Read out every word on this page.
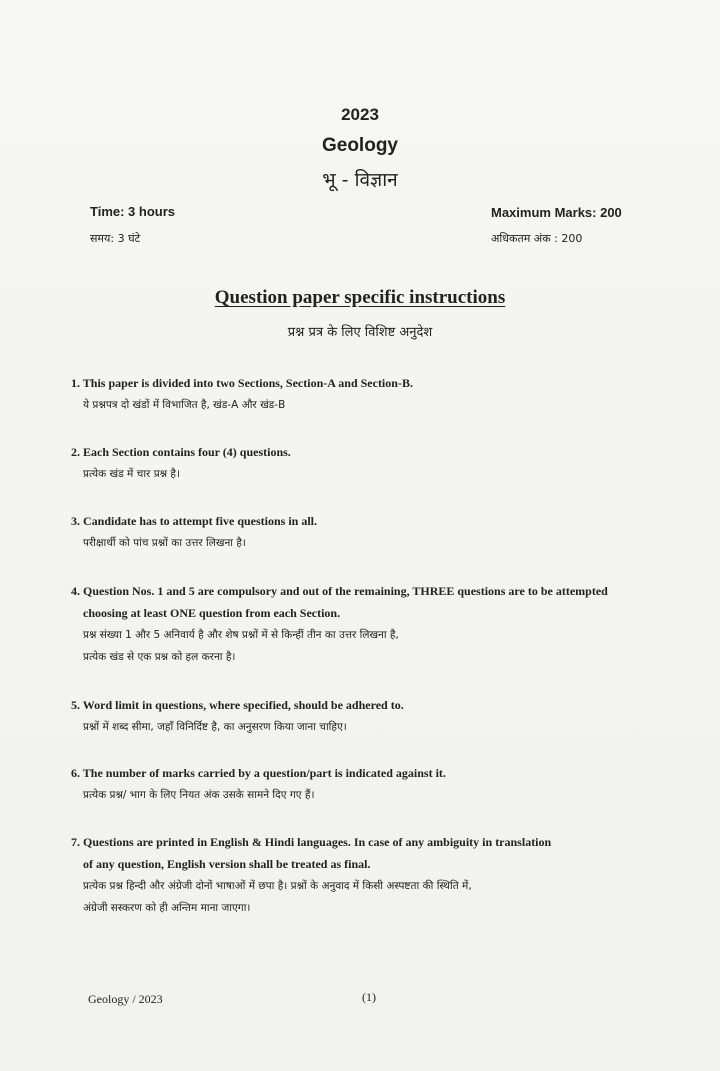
2023
Geology
भू - विज्ञान
Time: 3 hours
समय: 3 घंटे
Maximum Marks: 200
अधिकतम अंक : 200
Question paper specific instructions
प्रश्न प्रत्र के लिए विशिष्ट अनुदेश
1. This paper is divided into two Sections, Section-A and Section-B.
ये प्रश्नपत्र दो खंडों में विभाजित है, खंड-A और खंड-B
2. Each Section contains four (4) questions.
प्रत्येक खंड में चार प्रश्न है।
3. Candidate has to attempt five questions in all.
परीक्षार्थी को पांच प्रश्नों का उत्तर लिखना है।
4. Question Nos. 1 and 5 are compulsory and out of the remaining, THREE questions are to be attempted
choosing at least ONE question from each Section.
प्रश्न संख्या 1 और 5 अनिवार्य है और शेष प्रश्नों में से किन्हीं तीन का उत्तर लिखना है,
प्रत्येक खंड से एक प्रश्न को हल करना है।
5. Word limit in questions, where specified, should be adhered to.
प्रश्नों में शब्द सीमा, जहाँ विनिर्दिष्ट है, का अनुसरण किया जाना चाहिए।
6. The number of marks carried by a question/part is indicated against it.
प्रत्येक प्रश्न/ भाग के लिए नियत अंक उसके सामने दिए गए हैं।
7. Questions are printed in English & Hindi languages. In case of any ambiguity in translation
of any question, English version shall be treated as final.
प्रत्येक प्रश्न हिन्दी और अंग्रेजी दोनों भाषाओं में छपा है। प्रश्नों के अनुवाद में किसी अस्पष्टता की स्थिति में,
अंग्रेजी सस्करण को ही अन्तिम माना जाएगा।
Geology / 2023	(1)
